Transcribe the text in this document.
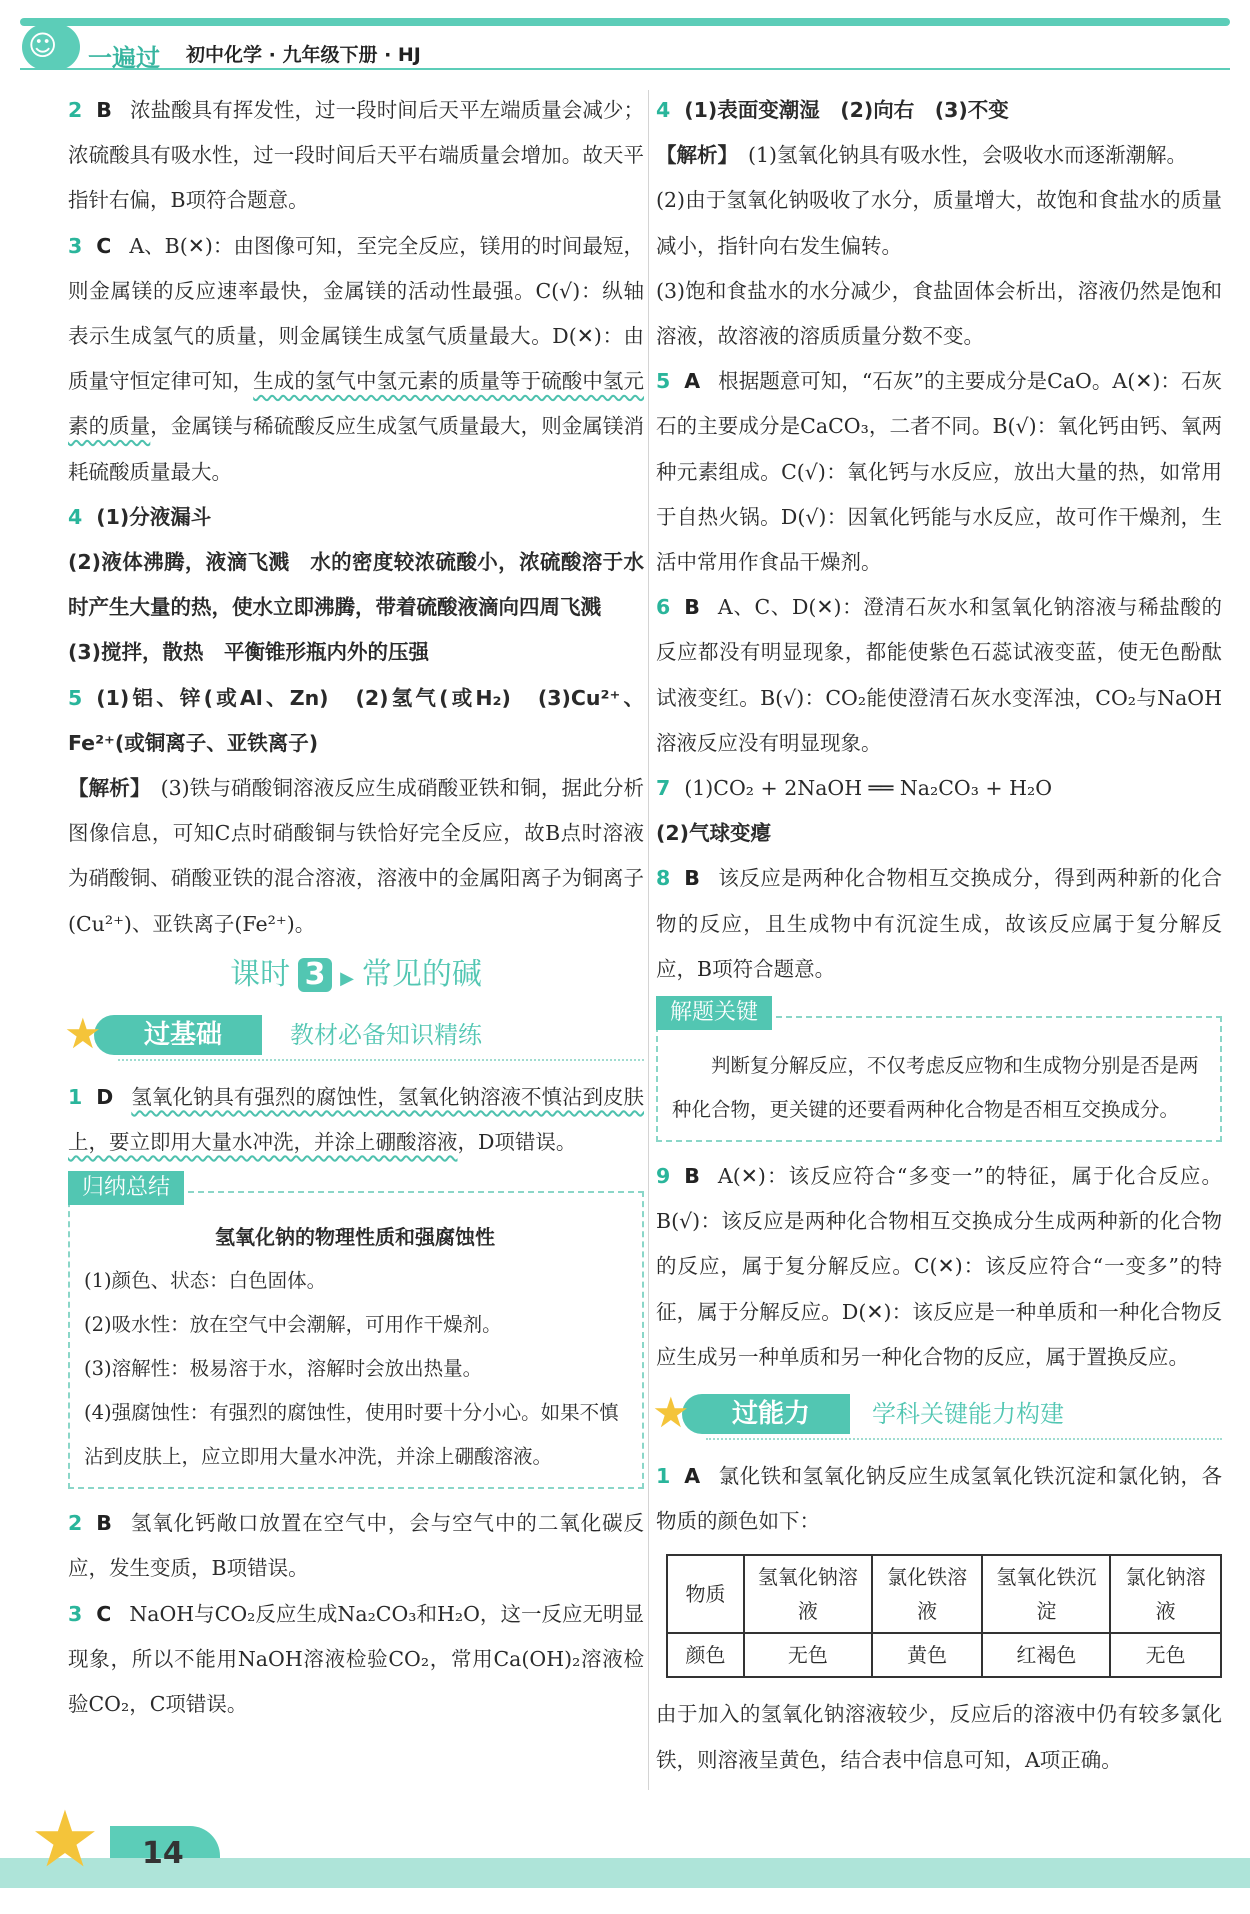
☺ 一遍过 初中化学 · 九年级下册 · HJ

2 B 浓盐酸具有挥发性，过一段时间后天平左端质量会减少；浓硫酸具有吸水性，过一段时间后天平右端质量会增加。故天平指针右偏，B项符合题意。

3 C A、B(✕)：由图像可知，至完全反应，镁用的时间最短，则金属镁的反应速率最快，金属镁的活动性最强。C(√)：纵轴表示生成氢气的质量，则金属镁生成氢气质量最大。D(✕)：由质量守恒定律可知，生成的氢气中氢元素的质量等于硫酸中氢元素的质量，金属镁与稀硫酸反应生成氢气质量最大，则金属镁消耗硫酸质量最大。

4 (1)分液漏斗

(2)液体沸腾，液滴飞溅　水的密度较浓硫酸小，浓硫酸溶于水时产生大量的热，使水立即沸腾，带着硫酸液滴向四周飞溅

(3)搅拌，散热　平衡锥形瓶内外的压强

5 (1)铝、锌(或Al、Zn)　(2)氢气(或H₂)　(3)Cu²⁺、Fe²⁺(或铜离子、亚铁离子)

【解析】 (3)铁与硝酸铜溶液反应生成硝酸亚铁和铜，据此分析图像信息，可知C点时硝酸铜与铁恰好完全反应，故B点时溶液为硝酸铜、硝酸亚铁的混合溶液，溶液中的金属阳离子为铜离子(Cu²⁺)、亚铁离子(Fe²⁺)。

课时 3 ▶ 常见的碱
过基础
★	教材必备知识精练

1 D 氢氧化钠具有强烈的腐蚀性，氢氧化钠溶液不慎沾到皮肤上，要立即用大量水冲洗，并涂上硼酸溶液，D项错误。

归纳总结
氢氧化钠的物理性质和强腐蚀性

(1)颜色、状态：白色固体。

(2)吸水性：放在空气中会潮解，可用作干燥剂。

(3)溶解性：极易溶于水，溶解时会放出热量。

(4)强腐蚀性：有强烈的腐蚀性，使用时要十分小心。如果不慎沾到皮肤上，应立即用大量水冲洗，并涂上硼酸溶液。

2 B 氢氧化钙敞口放置在空气中，会与空气中的二氧化碳反应，发生变质，B项错误。

3 C NaOH与CO₂反应生成Na₂CO₃和H₂O，这一反应无明显现象，所以不能用NaOH溶液检验CO₂，常用Ca(OH)₂溶液检验CO₂，C项错误。

4 (1)表面变潮湿　(2)向右　(3)不变

【解析】 (1)氢氧化钠具有吸水性，会吸收水而逐渐潮解。

(2)由于氢氧化钠吸收了水分，质量增大，故饱和食盐水的质量减小，指针向右发生偏转。

(3)饱和食盐水的水分减少，食盐固体会析出，溶液仍然是饱和溶液，故溶液的溶质质量分数不变。

5 A 根据题意可知，“石灰”的主要成分是CaO。A(✕)：石灰石的主要成分是CaCO₃，二者不同。B(√)：氧化钙由钙、氧两种元素组成。C(√)：氧化钙与水反应，放出大量的热，如常用于自热火锅。D(√)：因氧化钙能与水反应，故可作干燥剂，生活中常用作食品干燥剂。

6 B A、C、D(✕)：澄清石灰水和氢氧化钠溶液与稀盐酸的反应都没有明显现象，都能使紫色石蕊试液变蓝，使无色酚酞试液变红。B(√)：CO₂能使澄清石灰水变浑浊，CO₂与NaOH溶液反应没有明显现象。

7 (1)CO₂ + 2NaOH ══ Na₂CO₃ + H₂O

(2)气球变瘪

8 B 该反应是两种化合物相互交换成分，得到两种新的化合物的反应，且生成物中有沉淀生成，故该反应属于复分解反应，B项符合题意。

解题关键

判断复分解反应，不仅考虑反应物和生成物分别是否是两种化合物，更关键的还要看两种化合物是否相互交换成分。

9 B A(✕)：该反应符合“多变一”的特征，属于化合反应。B(√)：该反应是两种化合物相互交换成分生成两种新的化合物的反应，属于复分解反应。C(✕)：该反应符合“一变多”的特征，属于分解反应。D(✕)：该反应是一种单质和一种化合物反应生成另一种单质和另一种化合物的反应，属于置换反应。

过能力
★	学科关键能力构建

1 A 氯化铁和氢氧化钠反应生成氢氧化铁沉淀和氯化钠，各物质的颜色如下：

物质	氢氧化钠溶液	氯化铁溶液	氢氧化铁沉淀	氯化钠溶液
颜色	无色	黄色	红褐色	无色

由于加入的氢氧化钠溶液较少，反应后的溶液中仍有较多氯化铁，则溶液呈黄色，结合表中信息可知，A项正确。

★	14
